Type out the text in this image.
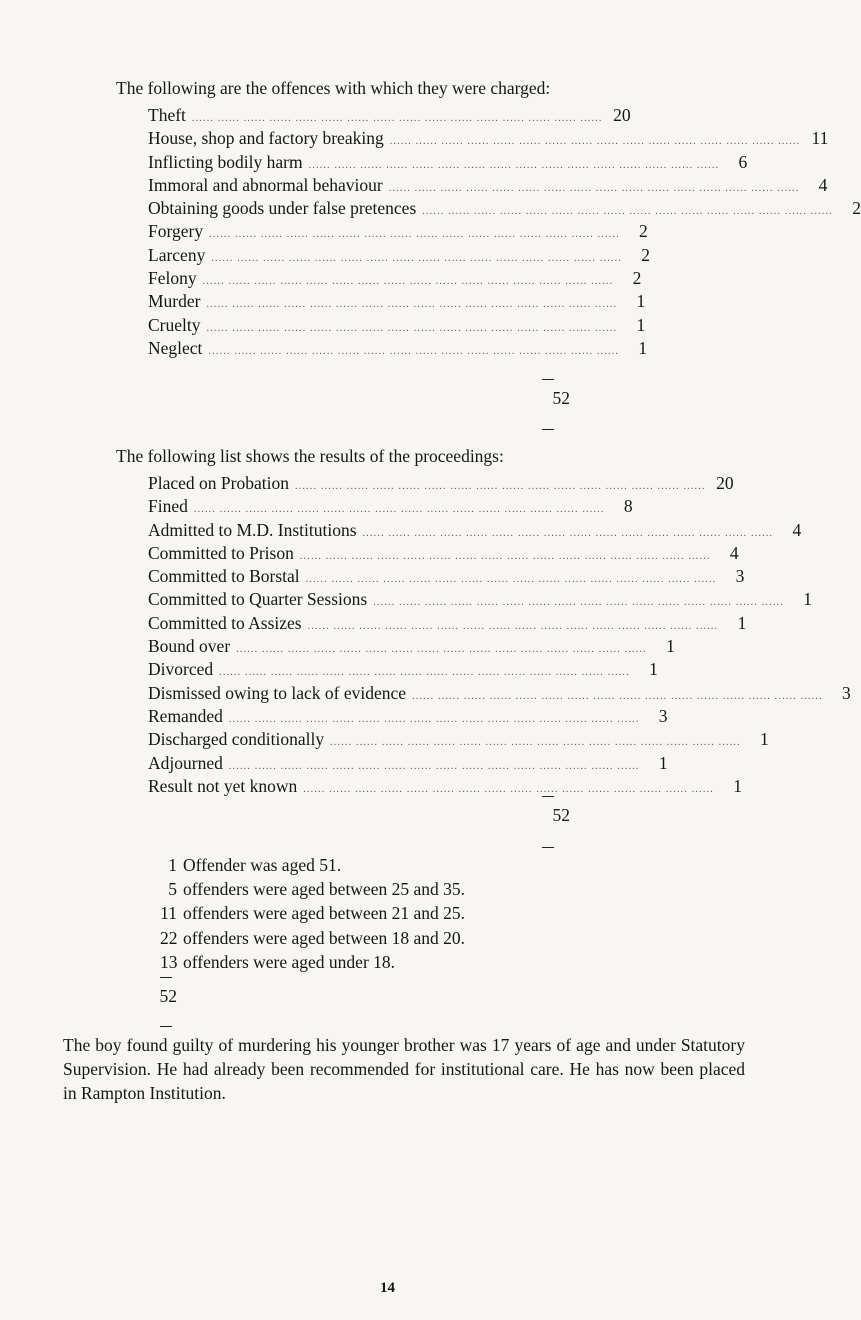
The following are the offences with which they were charged:
Theft ...... ...... ...... ...... ...... ...... ...... ...... ...... ...... ...... ...... ...... ...... ...... ...... 20
House, shop and factory breaking ...... ...... ...... ...... ...... ...... ...... ...... ...... ...... ...... ...... ...... ...... ...... ...... 11
Inflicting bodily harm ...... ...... ...... ...... ...... ...... ...... ...... ...... ...... ...... ...... ...... ...... ...... ......	6
Immoral and abnormal behaviour ...... ...... ...... ...... ...... ...... ...... ...... ...... ...... ...... ...... ...... ...... ...... ......	4
Obtaining goods under false pretences ...... ...... ...... ...... ...... ...... ...... ...... ...... ...... ...... ...... ...... ...... ...... ......	2
Forgery ...... ...... ...... ...... ...... ...... ...... ...... ...... ...... ...... ...... ...... ...... ...... ......	2
Larceny ...... ...... ...... ...... ...... ...... ...... ...... ...... ...... ...... ...... ...... ...... ...... ......	2
Felony ...... ...... ...... ...... ...... ...... ...... ...... ...... ...... ...... ...... ...... ...... ...... ......	2
Murder ...... ...... ...... ...... ...... ...... ...... ...... ...... ...... ...... ...... ...... ...... ...... ......	1
Cruelty ...... ...... ...... ...... ...... ...... ...... ...... ...... ...... ...... ...... ...... ...... ...... ......	1
Neglect ...... ...... ...... ...... ...... ...... ...... ...... ...... ...... ...... ...... ...... ...... ...... ......	1
52
The following list shows the results of the proceedings:
Placed on Probation ...... ...... ...... ...... ...... ...... ...... ...... ...... ...... ...... ...... ...... ...... ...... ...... 20
Fined ...... ...... ...... ...... ...... ...... ...... ...... ...... ...... ...... ...... ...... ...... ...... ......	8
Admitted to M.D. Institutions ...... ...... ...... ...... ...... ...... ...... ...... ...... ...... ...... ...... ...... ...... ...... ......	4
Committed to Prison ...... ...... ...... ...... ...... ...... ...... ...... ...... ...... ...... ...... ...... ...... ...... ......	4
Committed to Borstal ...... ...... ...... ...... ...... ...... ...... ...... ...... ...... ...... ...... ...... ...... ...... ......	3
Committed to Quarter Sessions ...... ...... ...... ...... ...... ...... ...... ...... ...... ...... ...... ...... ...... ...... ...... ......	1
Committed to Assizes ...... ...... ...... ...... ...... ...... ...... ...... ...... ...... ...... ...... ...... ...... ...... ......	1
Bound over ...... ...... ...... ...... ...... ...... ...... ...... ...... ...... ...... ...... ...... ...... ...... ......	1
Divorced ...... ...... ...... ...... ...... ...... ...... ...... ...... ...... ...... ...... ...... ...... ...... ......	1
Dismissed owing to lack of evidence ...... ...... ...... ...... ...... ...... ...... ...... ...... ...... ...... ...... ...... ...... ...... ......	3
Remanded ...... ...... ...... ...... ...... ...... ...... ...... ...... ...... ...... ...... ...... ...... ...... ......	3
Discharged conditionally ...... ...... ...... ...... ...... ...... ...... ...... ...... ...... ...... ...... ...... ...... ...... ......	1
Adjourned ...... ...... ...... ...... ...... ...... ...... ...... ...... ...... ...... ...... ...... ...... ...... ......	1
Result not yet known ...... ...... ...... ...... ...... ...... ...... ...... ...... ...... ...... ...... ...... ...... ...... ......	1
52
1 Offender was aged 51.
5 offenders were aged between 25 and 35.
11 offenders were aged between 21 and 25.
22 offenders were aged between 18 and 20.
13 offenders were aged under 18.
52
The boy found guilty of murdering his younger brother was 17 years of age and under Statutory Supervision. He had already been recommended for institutional care. He has now been placed in Rampton Institution.
14
